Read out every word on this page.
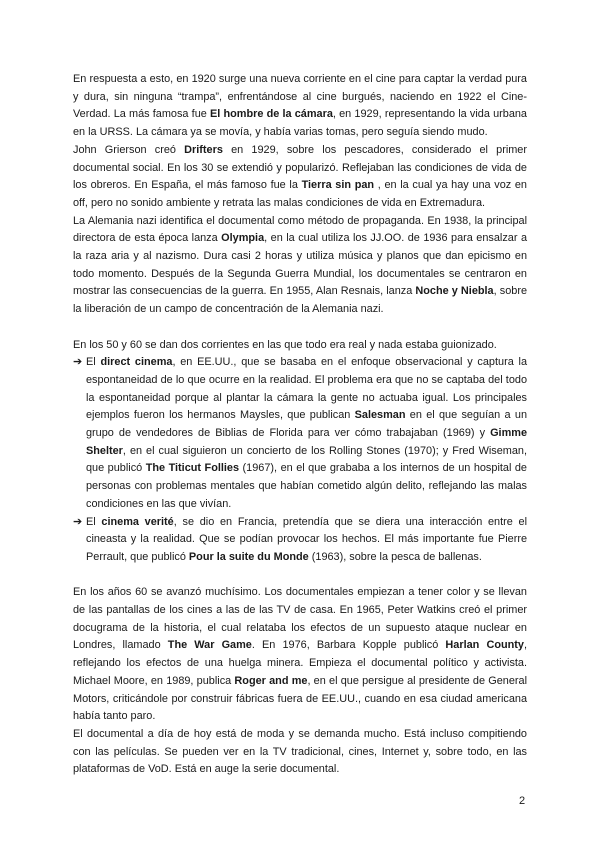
En respuesta a esto, en 1920 surge una nueva corriente en el cine para captar la verdad pura y dura, sin ninguna “trampa”, enfrentándose al cine burgués, naciendo en 1922 el Cine-Verdad. La más famosa fue El hombre de la cámara, en 1929, representando la vida urbana en la URSS. La cámara ya se movía, y había varias tomas, pero seguía siendo mudo.

John Grierson creó Drifters en 1929, sobre los pescadores, considerado el primer documental social. En los 30 se extendió y popularizó. Reflejaban las condiciones de vida de los obreros. En España, el más famoso fue la Tierra sin pan , en la cual ya hay una voz en off, pero no sonido ambiente y retrata las malas condiciones de vida en Extremadura.

La Alemania nazi identifica el documental como método de propaganda. En 1938, la principal directora de esta época lanza Olympia, en la cual utiliza los JJ.OO. de 1936 para ensalzar a la raza aria y al nazismo. Dura casi 2 horas y utiliza música y planos que dan epicismo en todo momento. Después de la Segunda Guerra Mundial, los documentales se centraron en mostrar las consecuencias de la guerra. En 1955, Alan Resnais, lanza Noche y Niebla, sobre la liberación de un campo de concentración de la Alemania nazi.

En los 50 y 60 se dan dos corrientes en las que todo era real y nada estaba guionizado.

➔ El direct cinema, en EE.UU., que se basaba en el enfoque observacional y captura la espontaneidad de lo que ocurre en la realidad. El problema era que no se captaba del todo la espontaneidad porque al plantar la cámara la gente no actuaba igual. Los principales ejemplos fueron los hermanos Maysles, que publican Salesman en el que seguían a un grupo de vendedores de Biblias de Florida para ver cómo trabajaban (1969) y Gimme Shelter, en el cual siguieron un concierto de los Rolling Stones (1970); y Fred Wiseman, que publicó The Titicut Follies (1967), en el que grababa a los internos de un hospital de personas con problemas mentales que habían cometido algún delito, reflejando las malas condiciones en las que vivían.

➔ El cinema verité, se dio en Francia, pretendía que se diera una interacción entre el cineasta y la realidad. Que se podían provocar los hechos. El más importante fue Pierre Perrault, que publicó Pour la suite du Monde (1963), sobre la pesca de ballenas.

En los años 60 se avanzó muchísimo. Los documentales empiezan a tener color y se llevan de las pantallas de los cines a las de las TV de casa. En 1965, Peter Watkins creó el primer docugrama de la historia, el cual relataba los efectos de un supuesto ataque nuclear en Londres, llamado The War Game. En 1976, Barbara Kopple publicó Harlan County, reflejando los efectos de una huelga minera. Empieza el documental político y activista. Michael Moore, en 1989, publica Roger and me, en el que persigue al presidente de General Motors, criticándole por construir fábricas fuera de EE.UU., cuando en esa ciudad americana había tanto paro.

El documental a día de hoy está de moda y se demanda mucho. Está incluso compitiendo con las películas. Se pueden ver en la TV tradicional, cines, Internet y, sobre todo, en las plataformas de VoD. Está en auge la serie documental.

2
